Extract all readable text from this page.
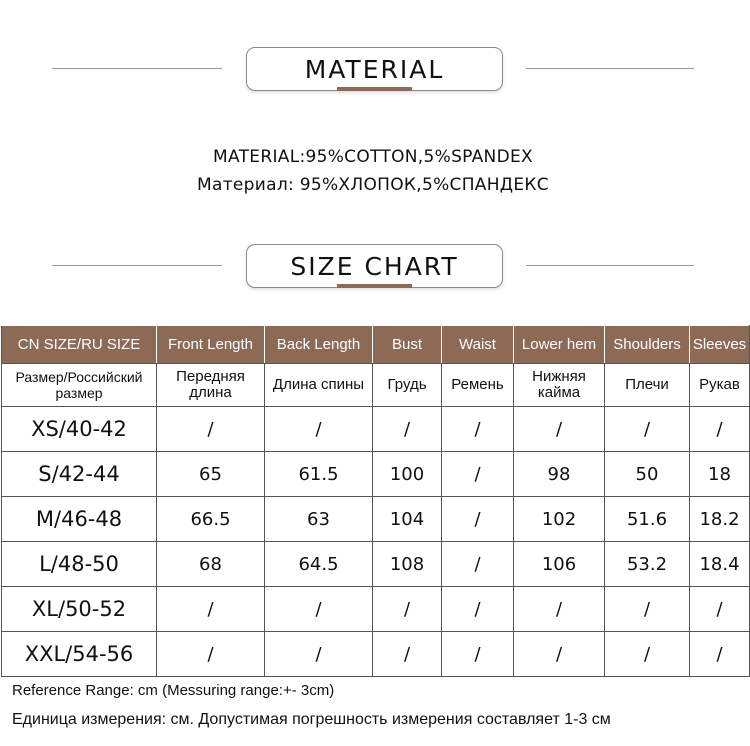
MATERIAL
MATERIAL:95%COTTON,5%SPANDEX
Материал: 95%ХЛОПОК,5%СПАНДЕКС
SIZE CHART
CN SIZE/RU SIZE	Front Length	Back Length	Bust	Waist	Lower hem	Shoulders	Sleeves
Размер/Российский размер	Передняя длина	Длина спины	Грудь	Ремень	Нижняя кайма	Плечи	Рукав
XS/40-42	/	/	/	/	/	/	/
S/42-44	65	61.5	100	/	98	50	18
M/46-48	66.5	63	104	/	102	51.6	18.2
L/48-50	68	64.5	108	/	106	53.2	18.4
XL/50-52	/	/	/	/	/	/	/
XXL/54-56	/	/	/	/	/	/	/
Reference Range: cm (Messuring range:+- 3cm)
Единица измерения: см. Допустимая погрешность измерения составляет 1-3 см
